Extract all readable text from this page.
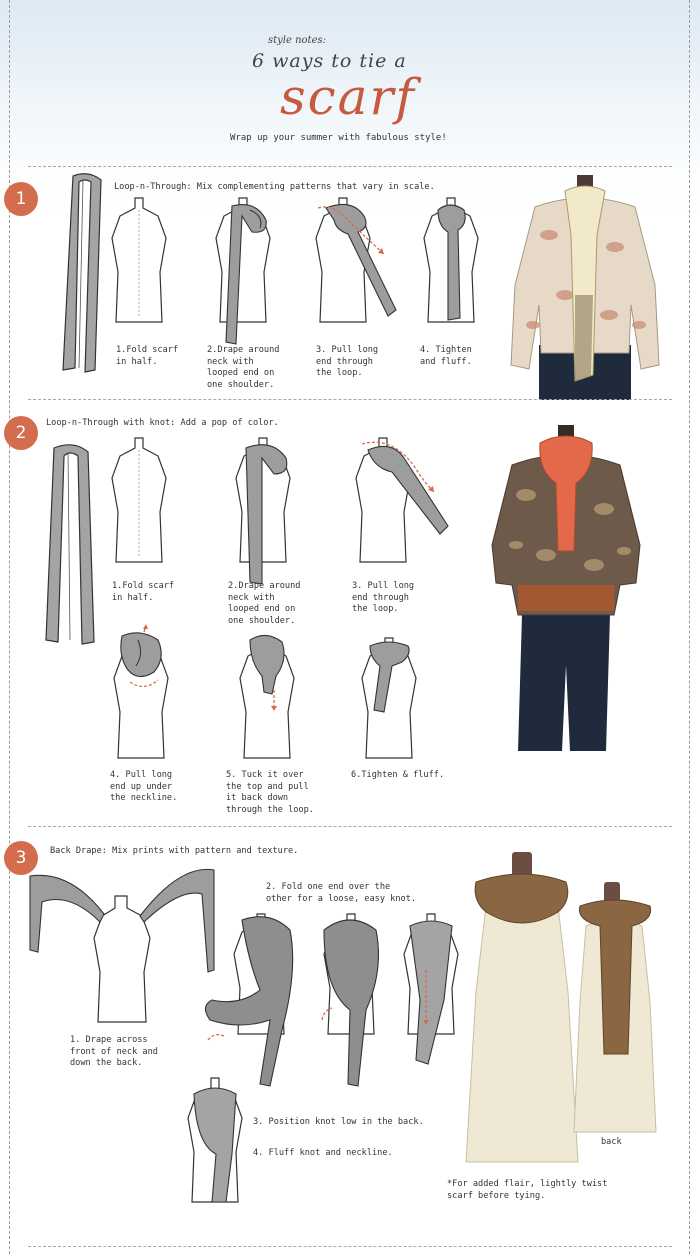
style notes:
6 ways to tie a
scarf
Wrap up your summer with fabulous style!
1
Loop-n-Through: Mix complementing patterns that vary in scale.
1.Fold scarf
in half.
2.Drape around
neck with
looped end on
one shoulder.
3. Pull long
end through
the loop.
4. Tighten
and fluff.
2	Loop-n-Through with knot: Add a pop of color.
1.Fold scarf
in half.
2.Drape around
neck with
looped end on
one shoulder.
3. Pull long
end through
the loop.
4. Pull long
end up under
the neckline.
5. Tuck it over
the top and pull
it back down
through the loop.
6.Tighten & fluff.
3	Back Drape: Mix prints with pattern and texture.
1. Drape across
front of neck and
down the back.
2. Fold one end over the
other for a loose, easy knot.
3. Position knot low in the back.
4. Fluff knot and neckline.
back
*For added flair, lightly twist
scarf before tying.
